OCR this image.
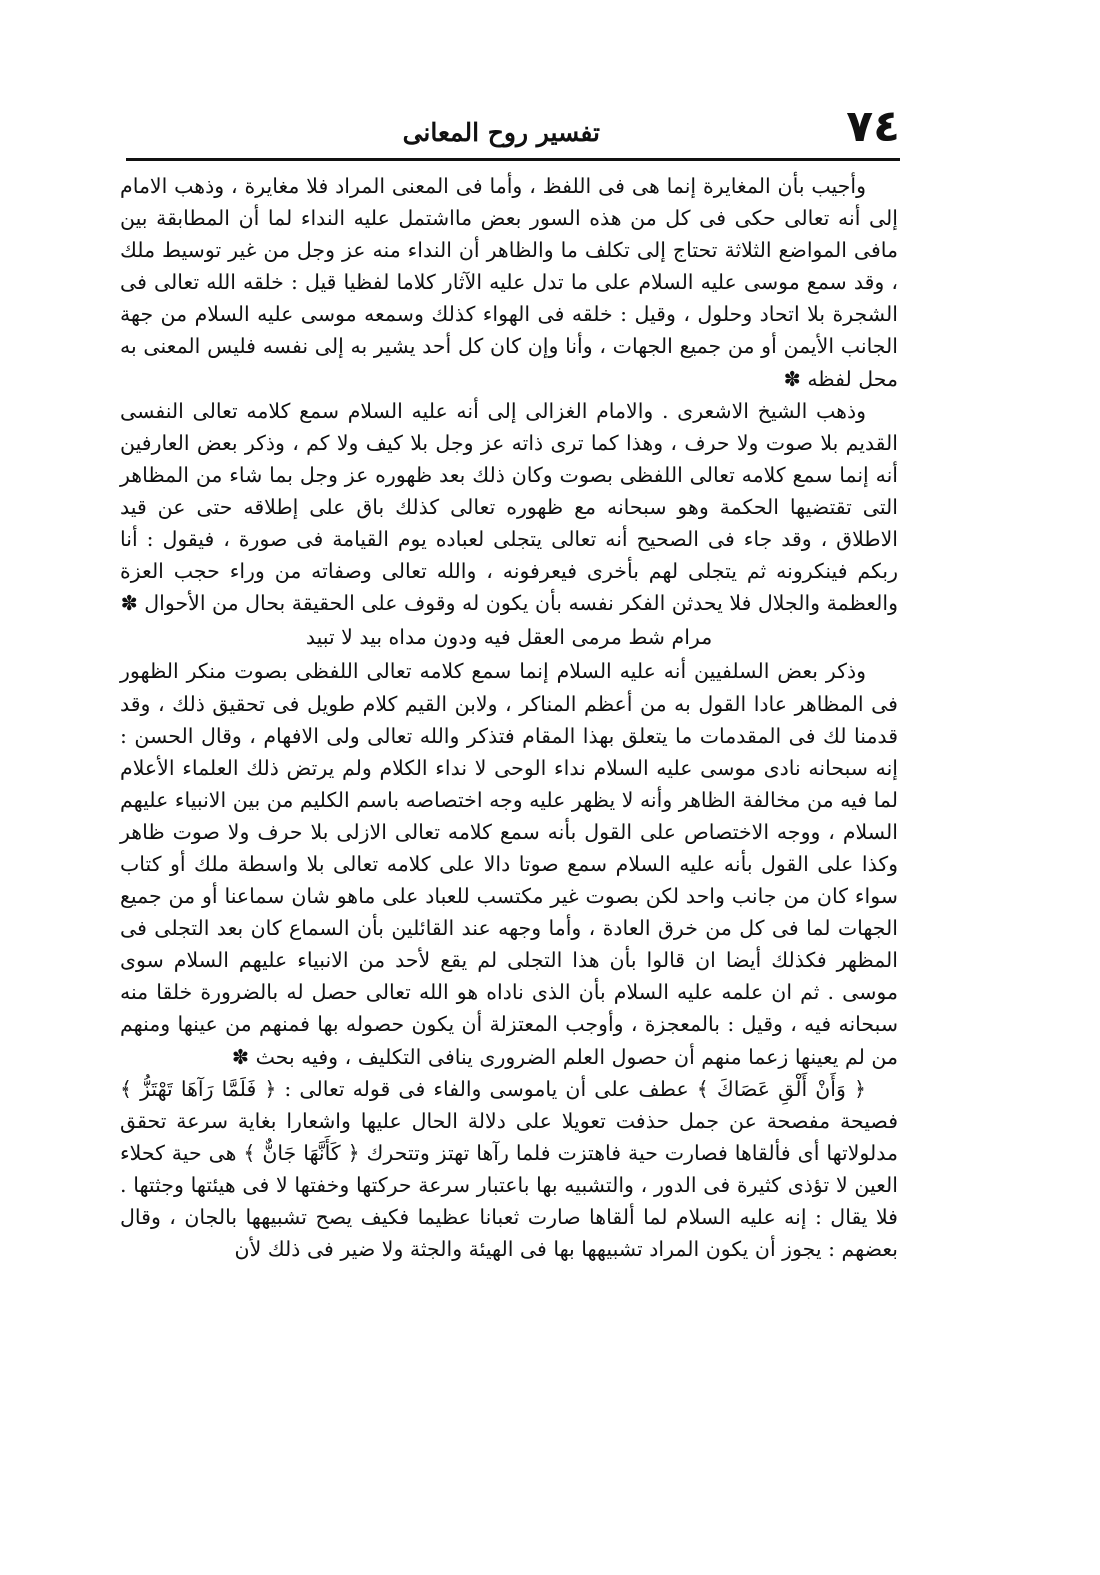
٧٤
تفسير روح المعانى

وأجيب بأن المغايرة إنما هى فى اللفظ ، وأما فى المعنى المراد فلا مغايرة ، وذهب الامام إلى أنه تعالى حكى فى كل من هذه السور بعض مااشتمل عليه النداء لما أن المطابقة بين مافى المواضع الثلاثة تحتاج إلى تكلف ما والظاهر أن النداء منه عز وجل من غير توسيط ملك ، وقد سمع موسى عليه السلام على ما تدل عليه الآثار كلاما لفظيا قيل : خلقه الله تعالى فى الشجرة بلا اتحاد وحلول ، وقيل : خلقه فى الهواء كذلك وسمعه موسى عليه السلام من جهة الجانب الأيمن أو من جميع الجهات ، وأنا وإن كان كل أحد يشير به إلى نفسه فليس المعنى به محل لفظه ✽

وذهب الشيخ الاشعرى . والامام الغزالى إلى أنه عليه السلام سمع كلامه تعالى النفسى القديم بلا صوت ولا حرف ، وهذا كما ترى ذاته عز وجل بلا كيف ولا كم ، وذكر بعض العارفين أنه إنما سمع كلامه تعالى اللفظى بصوت وكان ذلك بعد ظهوره عز وجل بما شاء من المظاهر التى تقتضيها الحكمة وهو سبحانه مع ظهوره تعالى كذلك باق على إطلاقه حتى عن قيد الاطلاق ، وقد جاء فى الصحيح أنه تعالى يتجلى لعباده يوم القيامة فى صورة ، فيقول : أنا ربكم فينكرونه ثم يتجلى لهم بأخرى فيعرفونه ، والله تعالى وصفاته من وراء حجب العزة والعظمة والجلال فلا يحدثن الفكر نفسه بأن يكون له وقوف على الحقيقة بحال من الأحوال ✽

مرام شط مرمى العقل فيه ودون مداه بيد لا تبيد

وذكر بعض السلفيين أنه عليه السلام إنما سمع كلامه تعالى اللفظى بصوت منكر الظهور فى المظاهر عادا القول به من أعظم المناكر ، ولابن القيم كلام طويل فى تحقيق ذلك ، وقد قدمنا لك فى المقدمات ما يتعلق بهذا المقام فتذكر والله تعالى ولى الافهام ، وقال الحسن : إنه سبحانه نادى موسى عليه السلام نداء الوحى لا نداء الكلام ولم يرتض ذلك العلماء الأعلام لما فيه من مخالفة الظاهر وأنه لا يظهر عليه وجه اختصاصه باسم الكليم من بين الانبياء عليهم السلام ، ووجه الاختصاص على القول بأنه سمع كلامه تعالى الازلى بلا حرف ولا صوت ظاهر وكذا على القول بأنه عليه السلام سمع صوتا دالا على كلامه تعالى بلا واسطة ملك أو كتاب سواء كان من جانب واحد لكن بصوت غير مكتسب للعباد على ماهو شان سماعنا أو من جميع الجهات لما فى كل من خرق العادة ، وأما وجهه عند القائلين بأن السماع كان بعد التجلى فى المظهر فكذلك أيضا ان قالوا بأن هذا التجلى لم يقع لأحد من الانبياء عليهم السلام سوى موسى . ثم ان علمه عليه السلام بأن الذى ناداه هو الله تعالى حصل له بالضرورة خلقا منه سبحانه فيه ، وقيل : بالمعجزة ، وأوجب المعتزلة أن يكون حصوله بها فمنهم من عينها ومنهم من لم يعينها زعما منهم أن حصول العلم الضرورى ينافى التكليف ، وفيه بحث ✽

﴿ وَأَنْ أَلْقِ عَصَاكَ ﴾ عطف على أن ياموسى والفاء فى قوله تعالى : ﴿ فَلَمَّا رَآهَا تَهْتَزُّ ﴾ فصيحة مفصحة عن جمل حذفت تعويلا على دلالة الحال عليها واشعارا بغاية سرعة تحقق مدلولاتها أى فألقاها فصارت حية فاهتزت فلما رآها تهتز وتتحرك ﴿ كَأَنَّهَا جَانٌّ ﴾ هى حية كحلاء العين لا تؤذى كثيرة فى الدور ، والتشبيه بها باعتبار سرعة حركتها وخفتها لا فى هيئتها وجثتها . فلا يقال : إنه عليه السلام لما ألقاها صارت ثعبانا عظيما فكيف يصح تشبيهها بالجان ، وقال بعضهم : يجوز أن يكون المراد تشبيهها بها فى الهيئة والجثة ولا ضير فى ذلك لأن
